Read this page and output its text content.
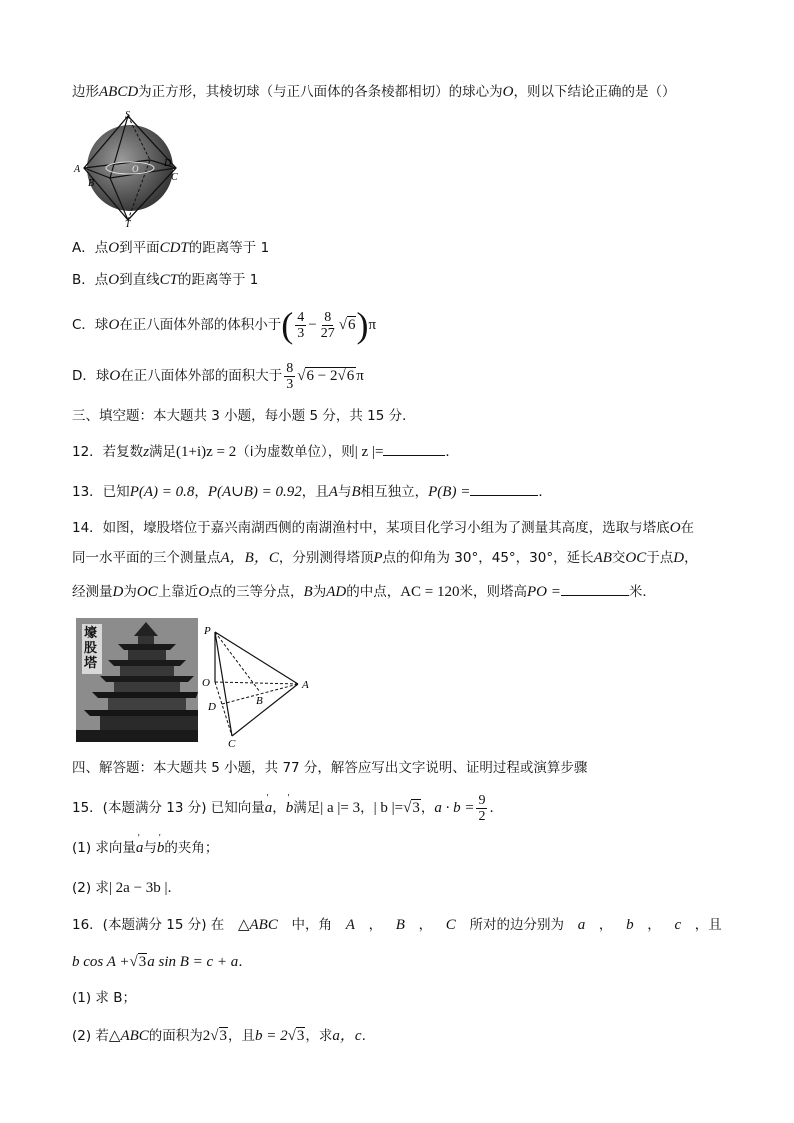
边形ABCD为正方形，其棱切球（与正八面体的各条棱都相切）的球心为O，则以下结论正确的是（）
S
A
B
D
C
T
O
A．点O到平面CDT的距离等于 1
B．点O到直线CT的距离等于 1
C．球O在正八面体外部的体积小于( $\frac{4}{3} - \frac{8}{27} √6)\pi$
D．球O在正八面体外部的面积大于 $\frac{8}{3} √6 - 2√6$ π
三、填空题：本大题共 3 小题，每小题 5 分，共 15 分．
12．若复数z满足(1+i)z = 2（i为虚数单位），则| z |=	．
13．已知P(A) = 0.8，P(A∪B) = 0.92，且A与B相互独立，P(B) =	．
14．如图，壕股塔位于嘉兴南湖西侧的南湖渔村中，某项目化学习小组为了测量其高度，选取与塔底O在
同一水平面的三个测量点A，B，C，分别测得塔顶P点的仰角为 30°，45°，30°，延长AB交OC于点D，
经测量D为OC上靠近O点的三等分点，B为AD的中点，AC = 120米，则塔高PO =	米．
壕股塔
P
O
D	B
A
C
四、解答题：本大题共 5 小题，共 77 分，解答应写出文字说明、证明过程或演算步骤
15．(本题满分 13 分) 已知向量' a，' b满足| a |= 3，| b |=√3，$a \cdot b = \frac{9}{2}$ ．
(1) 求向量' a与' b的夹角；
(2) 求| 2a − 3b |．
16．(本题满分 15 分) 在 △ABC 中，角 A ， B ， C 所对的边分别为 a ， b ， c ，且
b cos A +√3a sin B = c + a．
(1) 求 B；
(2) 若△ABC的面积为2√3，且b = 2√3，求a，c.
